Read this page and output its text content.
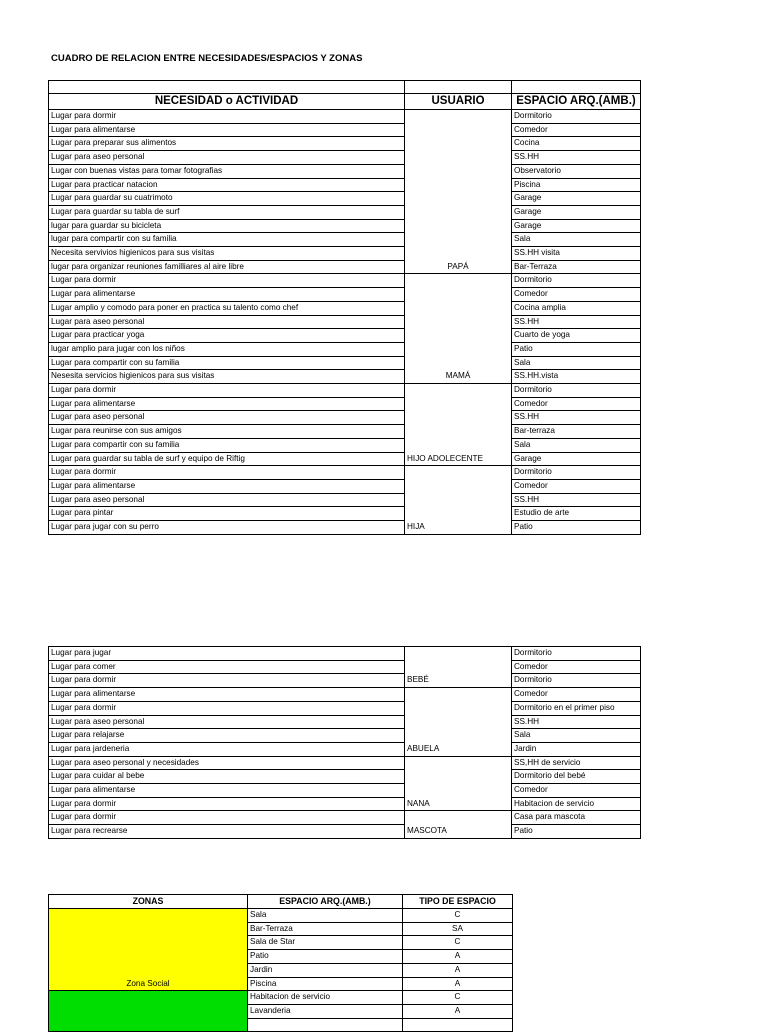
CUADRO DE RELACION ENTRE NECESIDADES/ESPACIOS Y ZONAS

NECESIDAD o ACTIVIDAD	USUARIO	ESPACIO ARQ.(AMB.)
Lugar para dormir	PAPÁ	Dormitorio
Lugar para alimentarse		Comedor
Lugar para preparar sus alimentos		Cocina
Lugar para aseo personal		SS.HH
Lugar con buenas vistas para tomar fotografias		Observatorio
Lugar para practicar natacion		Piscina
Lugar para guardar su cuatrimoto		Garage
Lugar para guardar su tabla de surf		Garage
lugar para guardar su bicicleta		Garage
lugar para compartir con su familia		Sala
Necesita servivios higienicos para sus visitas		SS.HH visita
lugar para organizar reuniones familliares al aire libre		Bar-Terraza
Lugar para dormir	MAMÁ	Dormitorio
Lugar para alimentarse		Comedor
Lugar amplio y comodo para poner en practica su talento como chef		Cocina amplia
Lugar para aseo personal		SS.HH
Lugar para practicar yoga		Cuarto de yoga
lugar amplio para jugar con los niños		Patio
Lugar para compartir con su familia		Sala
Nesesita servicios higienicos para sus visitas		SS.HH.vista
Lugar para dormir	HIJO ADOLECENTE	Dormitorio
Lugar para alimentarse		Comedor
Lugar para aseo personal		SS.HH
Lugar para reunirse con sus amigos		Bar-terraza
Lugar para compartir con su familia		Sala
Lugar para guardar su tabla de surf y equipo de Riftig		Garage
Lugar para dormir	HIJA	Dormitorio
Lugar para alimentarse		Comedor
Lugar para aseo personal		SS.HH
Lugar para pintar		Estudio de arte
Lugar para jugar con su perro		Patio
Lugar para jugar	BEBÉ	Dormitorio
Lugar para comer		Comedor
Lugar para dormir		Dormitorio
Lugar para alimentarse	ABUELA	Comedor
Lugar para dormir		Dormitorio en el primer piso
Lugar para aseo personal		SS.HH
Lugar para relajarse		Sala
Lugar para jardeneria		Jardin
Lugar para aseo personal y necesidades	NANA	SS,HH de servicio
Lugar para cuidar al bebe		Dormitorio del bebé
Lugar para alimentarse		Comedor
Lugar para dormir		Habitacion de servicio
Lugar para dormir	MASCOTA	Casa para mascota
Lugar para recrearse		Patio
ZONAS	ESPACIO ARQ.(AMB.)	TIPO DE ESPACIO
Zona Social	Sala	C
	Bar-Terraza	SA
	Sala de Star	C
	Patio	A
	Jardin	A
	Piscina	A
	Habitacion de servicio	C
	Lavanderia	A
